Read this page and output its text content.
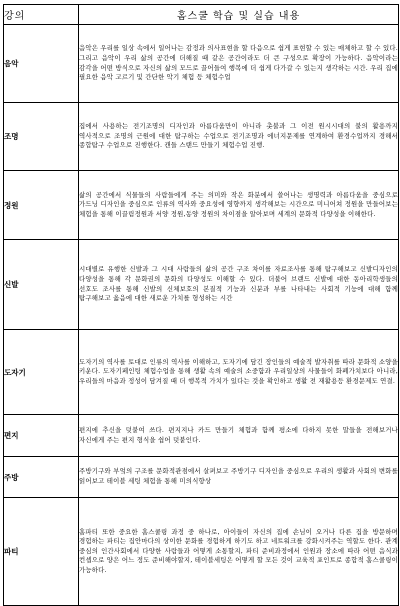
강의	홈스쿨 학습 및 실습 내용
음악	음악은 우리를 일상 속에서 일어나는 감정과 의사표현을 할 다음으로 쉽게 표현할 수 있는 매체하고 할 수 있다. 그리고 음악이 우리 삶의 공간에 더해질 때 같은 공간이라도 더 큰 구성으로 확장이 가능하다. 음악이라는 감각을 어떤 방식으로 자신의 삶의 모드로 끌어들여 행복에 더 쉽게 다가갈 수 있는지 생각하는 시간. 우리 집에 필요한 음악 고르기 및 간단한 악기 체험 등 체험수업
조명	집에서 사용하는 전기조명의 디자인과 아름다움만이 아니라 촛불과 그 이전 원시시대의 불의 활용까지 역사적으로 조명의 근원에 대한 탐구하는 수업으로 전기조명과 에너지문제를 연계하여 환경수업까지 경해서 종합탐구 수업으로 진행한다. 캔들 스탠드 만들기 체험수업 진행.
정원	삶의 공간에서 식물들의 사람들에게 주는 의미와 작은 화분에서 쓸어나는 생명력과 아름다움을 중심으로 가드닝 디자인을 중심으로 인류의 역사와 중요성에 영향까지 생각해보는 시간으로 미니어쳐 정원을 만들어보는 체험을 통해 이끌림정원과 서양 정원,동양 정원의 차이점을 알아보며 세계의 문화적 다양성을 이해한다.
신발	시대별로 유행한 신발과 그 시대 사람들의 삶의 공간 구조 차이를 자료조사를 통해 탐구해보고 신발디자인의 다양성을 통해 각 문화권의 문화의 다양성도 이해할 수 있다. 더불어 브랜드 신발에 대한 동아리학생들의 선호도 조사를 통해 신발의 신체보호의 본질적 기능과 신분과 부를 나타내는 사회적 기능에 대해 함께 탐구해보고 옳음에 대한 새로운 가치를 형성하는 시간
도자기	도자기의 역사를 토대로 인류의 역사를 이해하고, 도자기에 담긴 장인들의 예술적 발자취를 따라 문화적 소양을 키운다. 도자기페인팅 체험수업을 통해 생활 속의 예술의 소중함과 우리일상의 사물들이 화폐가치보다 아니라, 우리들의 마음과 정성이 담겨질 때 더 행복적 가치가 있다는 것을 확인하고 생활 전 재활용등 환경문제도 연결.
편지	편지에 추신을 덧붙여 쓰다. 편지지나 카드 만들기 체험과 함께 평소에 다하지 못한 말들을 전해보거나 자신에게 주는 편지 형식을 쉽어 덧붙인다.
주방	주방기구와 부엌의 구조를 문화적관점에서 살펴보고 주방기구 디자인을 중심으로 우리의 생활과 사회의 변화를 읽어보고 테이블 세팅 체험을 통해 미의식향상
파티	홈파티 또한 중요한 홈스쿨링 과정 중 하나로, 아이들이 자신의 집에 손님이 오거나 다른 집을 방문하며 경험하는 파티는 집안마다의 상이한 문화를 경험하게 하기도 하고 네트워크를 강화시켜주는 역할도 한다. 관계 중심의 인간사회에서 다양한 사람들과 어떻게 소통할지, 파티 준비과정에서 인원과 장소에 따라 어떤 음식과 컨셉으로 양은 어느 정도 준비해야할지, 테이블세팅은 어떻게 할 모든 것이 교육적 포인트로 종합적 홈스쿨링이 가능하다.
